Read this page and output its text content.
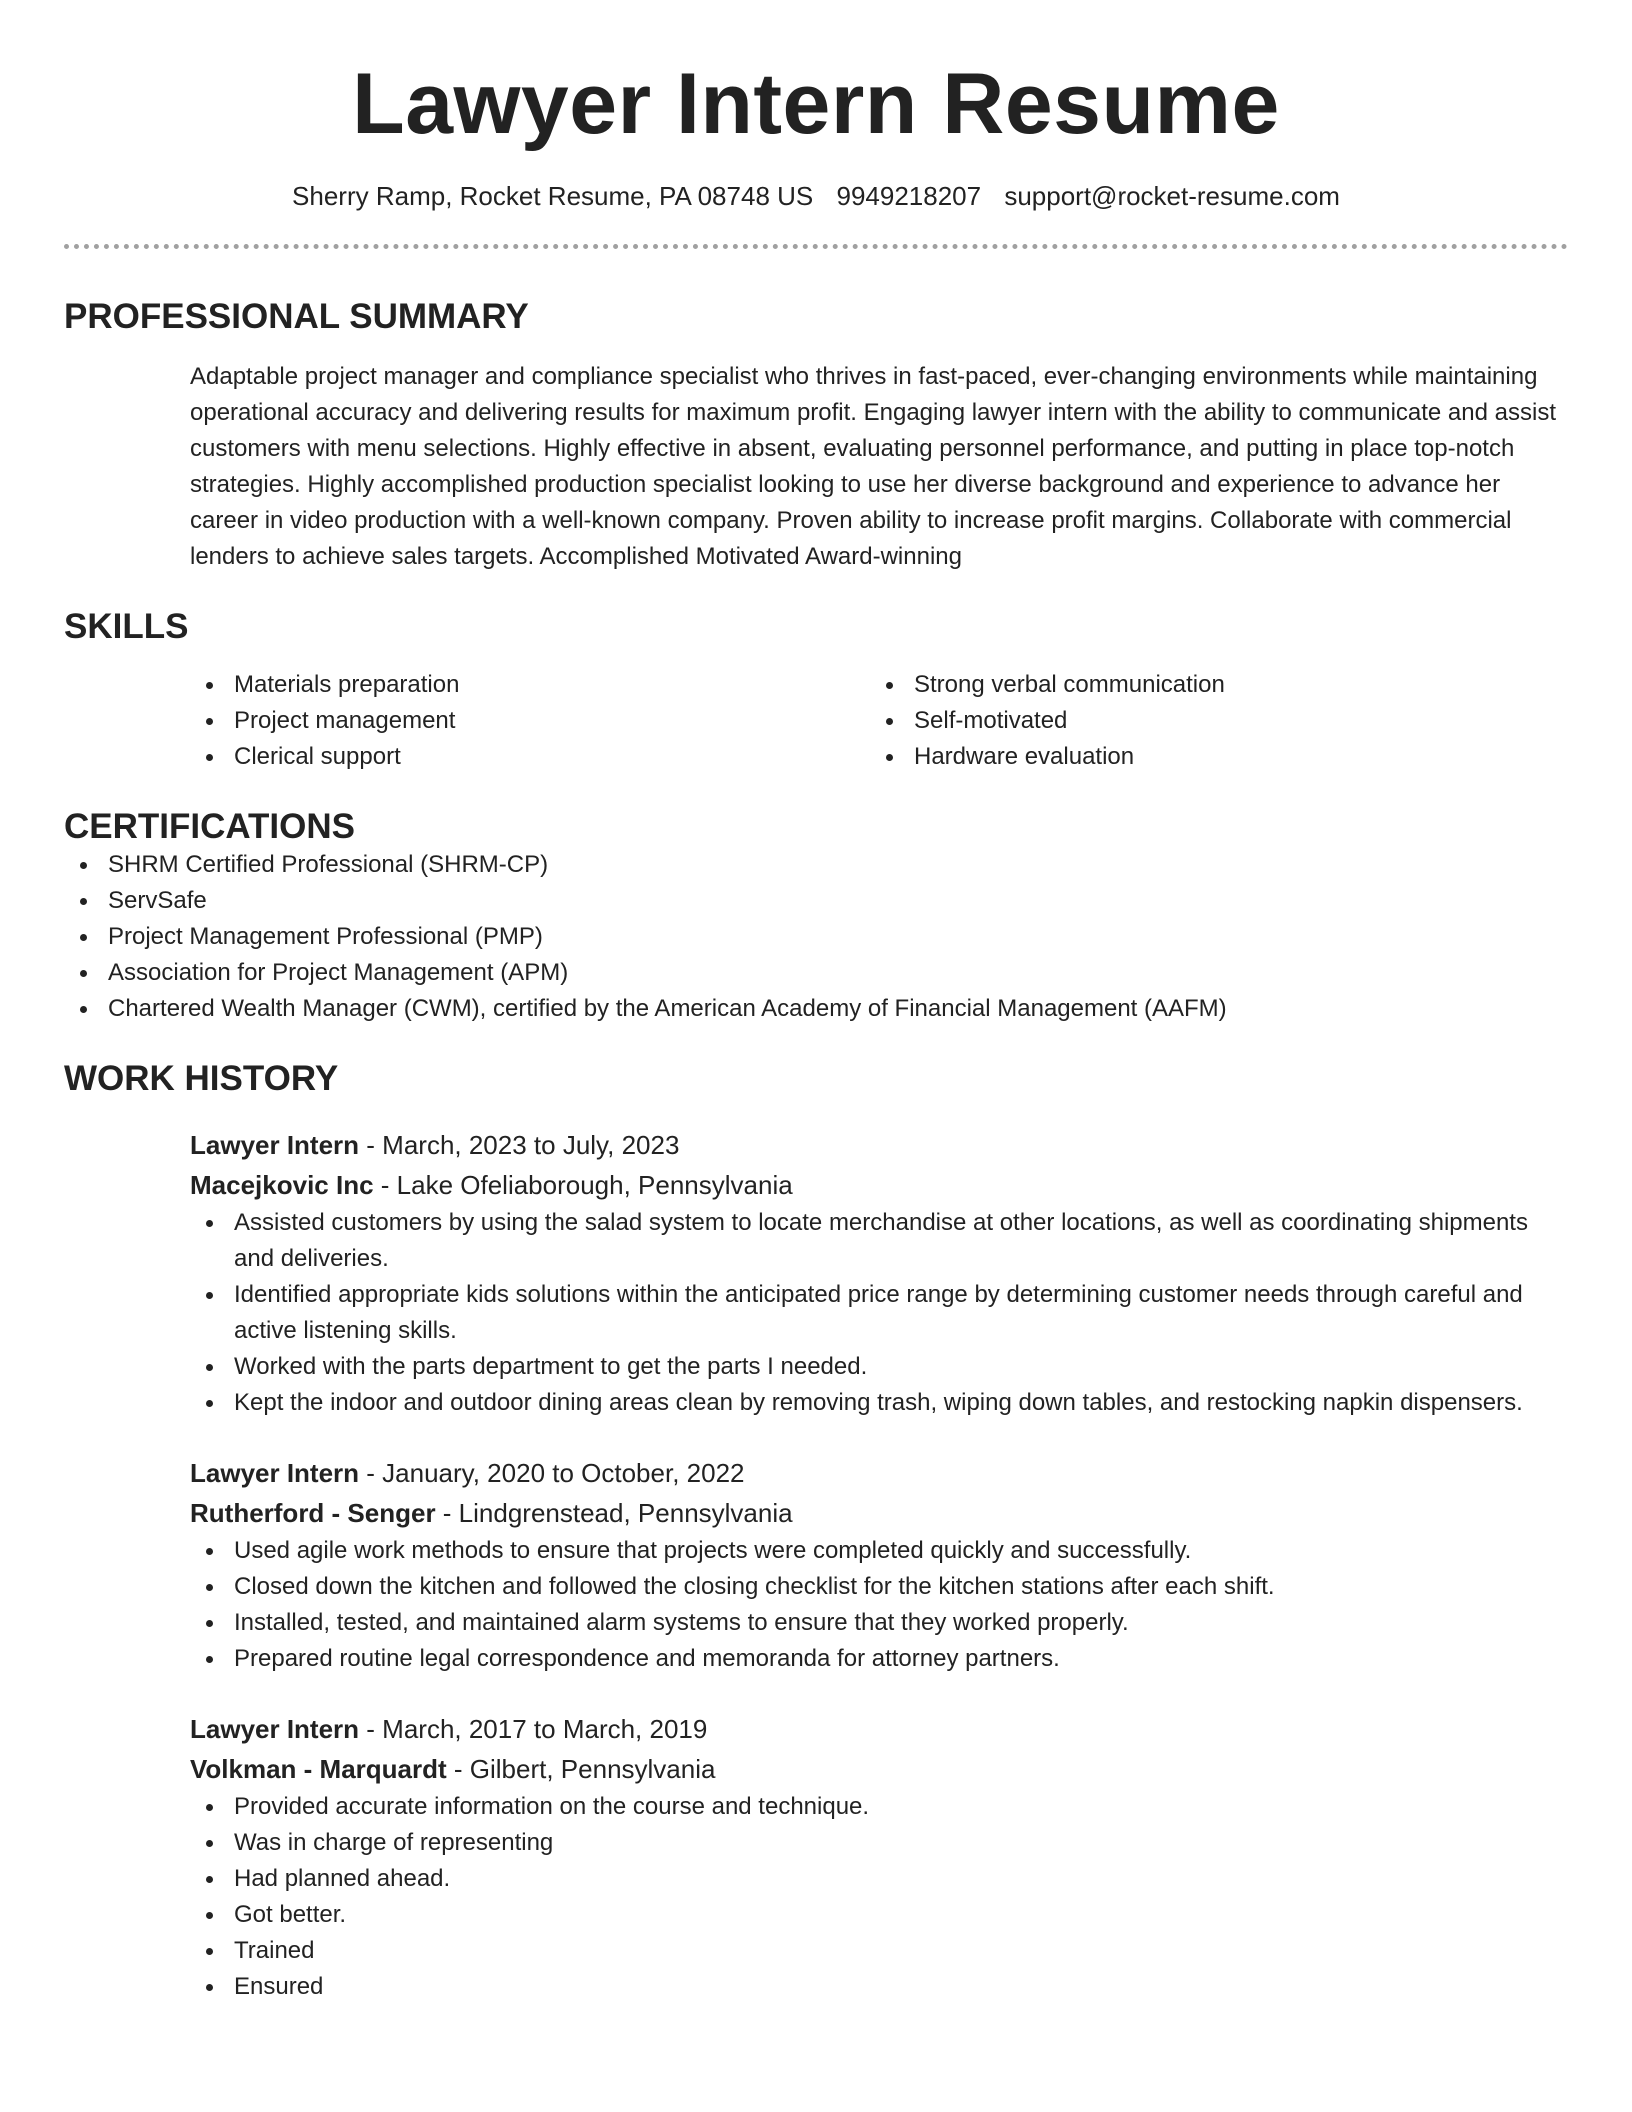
Lawyer Intern Resume
Sherry Ramp, Rocket Resume, PA 08748 US 9949218207 support@rocket-resume.com
PROFESSIONAL SUMMARY

Adaptable project manager and compliance specialist who thrives in fast-paced, ever-changing environments while maintaining operational accuracy and delivering results for maximum profit. Engaging lawyer intern with the ability to communicate and assist customers with menu selections. Highly effective in absent, evaluating personnel performance, and putting in place top-notch strategies. Highly accomplished production specialist looking to use her diverse background and experience to advance her career in video production with a well-known company. Proven ability to increase profit margins. Collaborate with commercial lenders to achieve sales targets. Accomplished Motivated Award-winning

SKILLS
Materials preparation
Project management
Clerical support
Strong verbal communication
Self-motivated
Hardware evaluation
CERTIFICATIONS
SHRM Certified Professional (SHRM-CP)
ServSafe
Project Management Professional (PMP)
Association for Project Management (APM)
Chartered Wealth Manager (CWM), certified by the American Academy of Financial Management (AAFM)
WORK HISTORY
Lawyer Intern - March, 2023 to July, 2023
Macejkovic Inc - Lake Ofeliaborough, Pennsylvania
Assisted customers by using the salad system to locate merchandise at other locations, as well as coordinating shipments and deliveries.
Identified appropriate kids solutions within the anticipated price range by determining customer needs through careful and active listening skills.
Worked with the parts department to get the parts I needed.
Kept the indoor and outdoor dining areas clean by removing trash, wiping down tables, and restocking napkin dispensers.
Lawyer Intern - January, 2020 to October, 2022
Rutherford - Senger - Lindgrenstead, Pennsylvania
Used agile work methods to ensure that projects were completed quickly and successfully.
Closed down the kitchen and followed the closing checklist for the kitchen stations after each shift.
Installed, tested, and maintained alarm systems to ensure that they worked properly.
Prepared routine legal correspondence and memoranda for attorney partners.
Lawyer Intern - March, 2017 to March, 2019
Volkman - Marquardt - Gilbert, Pennsylvania
Provided accurate information on the course and technique.
Was in charge of representing
Had planned ahead.
Got better.
Trained
Ensured
